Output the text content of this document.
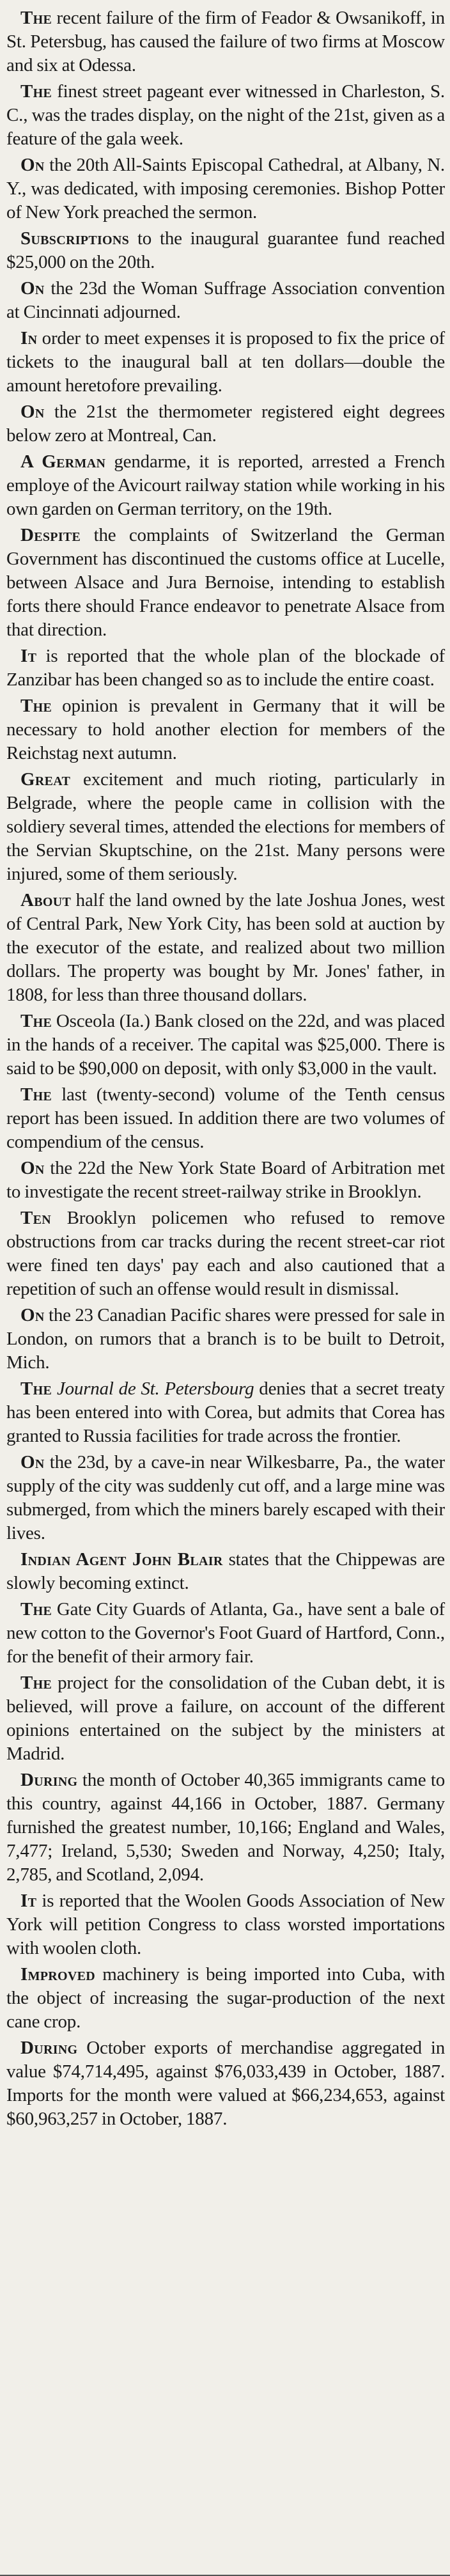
The recent failure of the firm of Feador & Owsanikoff, in St. Petersbug, has caused the failure of two firms at Moscow and six at Odessa.

The finest street pageant ever witnessed in Charleston, S. C., was the trades display, on the night of the 21st, given as a feature of the gala week.

On the 20th All-Saints Episcopal Cathedral, at Albany, N. Y., was dedicated, with imposing ceremonies. Bishop Potter of New York preached the sermon.

Subscriptions to the inaugural guarantee fund reached $25,000 on the 20th.

On the 23d the Woman Suffrage Association convention at Cincinnati adjourned.

In order to meet expenses it is proposed to fix the price of tickets to the inaugural ball at ten dollars—double the amount heretofore prevailing.

On the 21st the thermometer registered eight degrees below zero at Montreal, Can.

A German gendarme, it is reported, arrested a French employe of the Avicourt railway station while working in his own garden on German territory, on the 19th.

Despite the complaints of Switzerland the German Government has discontinued the customs office at Lucelle, between Alsace and Jura Bernoise, intending to establish forts there should France endeavor to penetrate Alsace from that direction.

It is reported that the whole plan of the blockade of Zanzibar has been changed so as to include the entire coast.

The opinion is prevalent in Germany that it will be necessary to hold another election for members of the Reichstag next autumn.

Great excitement and much rioting, particularly in Belgrade, where the people came in collision with the soldiery several times, attended the elections for members of the Servian Skuptschine, on the 21st. Many persons were injured, some of them seriously.

About half the land owned by the late Joshua Jones, west of Central Park, New York City, has been sold at auction by the executor of the estate, and realized about two million dollars. The property was bought by Mr. Jones' father, in 1808, for less than three thousand dollars.

The Osceola (Ia.) Bank closed on the 22d, and was placed in the hands of a receiver. The capital was $25,000. There is said to be $90,000 on deposit, with only $3,000 in the vault.

The last (twenty-second) volume of the Tenth census report has been issued. In addition there are two volumes of compendium of the census.

On the 22d the New York State Board of Arbitration met to investigate the recent street-railway strike in Brooklyn.

Ten Brooklyn policemen who refused to remove obstructions from car tracks during the recent street-car riot were fined ten days' pay each and also cautioned that a repetition of such an offense would result in dismissal.

On the 23 Canadian Pacific shares were pressed for sale in London, on rumors that a branch is to be built to Detroit, Mich.

The Journal de St. Petersbourg denies that a secret treaty has been entered into with Corea, but admits that Corea has granted to Russia facilities for trade across the frontier.

On the 23d, by a cave-in near Wilkesbarre, Pa., the water supply of the city was suddenly cut off, and a large mine was submerged, from which the miners barely escaped with their lives.

Indian Agent John Blair states that the Chippewas are slowly becoming extinct.

The Gate City Guards of Atlanta, Ga., have sent a bale of new cotton to the Governor's Foot Guard of Hartford, Conn., for the benefit of their armory fair.

The project for the consolidation of the Cuban debt, it is believed, will prove a failure, on account of the different opinions entertained on the subject by the ministers at Madrid.

During the month of October 40,365 immigrants came to this country, against 44,166 in October, 1887. Germany furnished the greatest number, 10,166; England and Wales, 7,477; Ireland, 5,530; Sweden and Norway, 4,250; Italy, 2,785, and Scotland, 2,094.

It is reported that the Woolen Goods Association of New York will petition Congress to class worsted importations with woolen cloth.

Improved machinery is being imported into Cuba, with the object of increasing the sugar-production of the next cane crop.

During October exports of merchandise aggregated in value $74,714,495, against $76,033,439 in October, 1887. Imports for the month were valued at $66,234,653, against $60,963,257 in October, 1887.
